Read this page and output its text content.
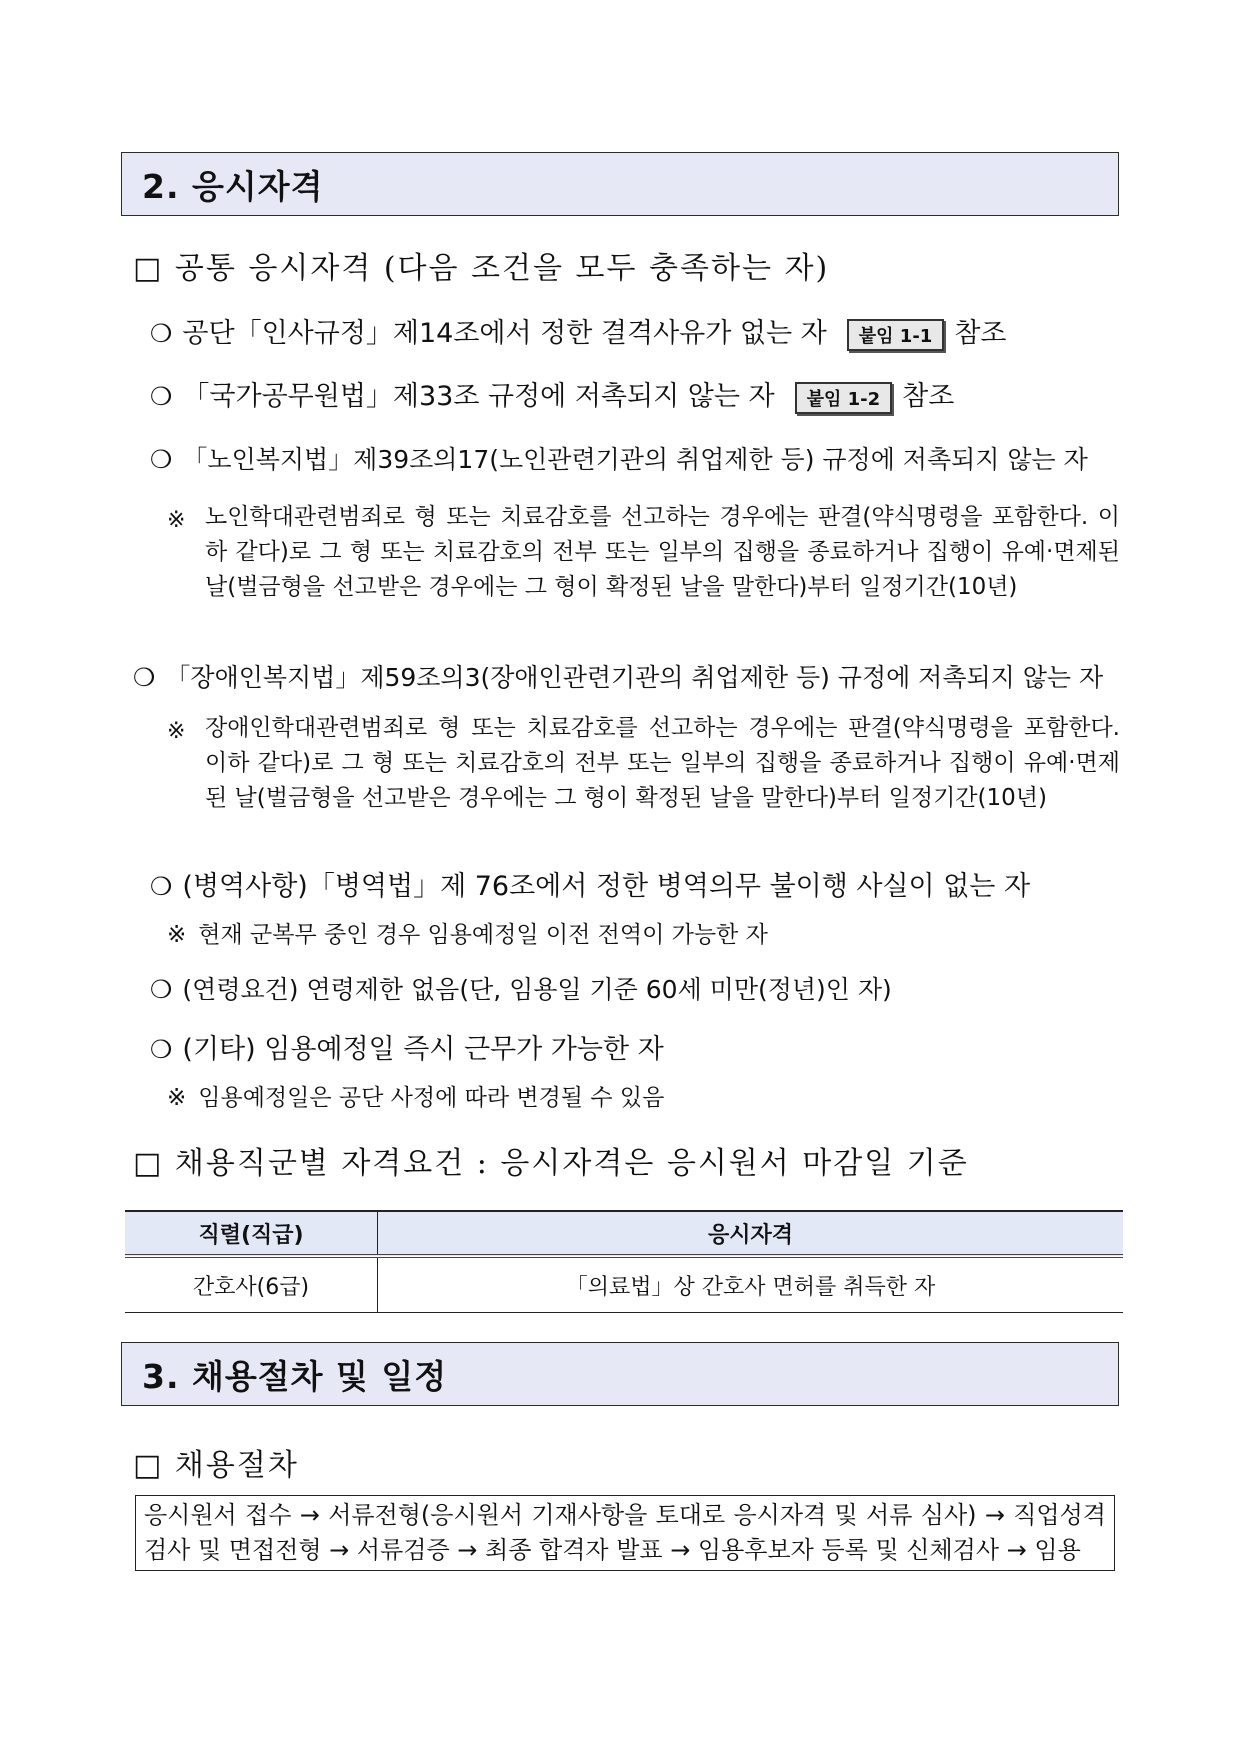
2. 응시자격
□ 공통 응시자격 (다음 조건을 모두 충족하는 자)
❍ 공단「인사규정」제14조에서 정한 결격사유가 없는 자 붙임 1-1 참조
❍ 「국가공무원법」제33조 규정에 저촉되지 않는 자 붙임 1-2 참조
❍ 「노인복지법」제39조의17(노인관련기관의 취업제한 등) 규정에 저촉되지 않는 자
※ 노인학대관련범죄로 형 또는 치료감호를 선고하는 경우에는 판결(약식명령을 포함한다. 이하 같다)로 그 형 또는 치료감호의 전부 또는 일부의 집행을 종료하거나 집행이 유예‧면제된 날(벌금형을 선고받은 경우에는 그 형이 확정된 날을 말한다)부터 일정기간(10년)
❍ 「장애인복지법」제59조의3(장애인관련기관의 취업제한 등) 규정에 저촉되지 않는 자
※ 장애인학대관련범죄로 형 또는 치료감호를 선고하는 경우에는 판결(약식명령을 포함한다. 이하 같다)로 그 형 또는 치료감호의 전부 또는 일부의 집행을 종료하거나 집행이 유예‧면제된 날(벌금형을 선고받은 경우에는 그 형이 확정된 날을 말한다)부터 일정기간(10년)
❍ (병역사항)「병역법」제 76조에서 정한 병역의무 불이행 사실이 없는 자
※ 현재 군복무 중인 경우 임용예정일 이전 전역이 가능한 자
❍ (연령요건) 연령제한 없음(단, 임용일 기준 60세 미만(정년)인 자)
❍ (기타) 임용예정일 즉시 근무가 가능한 자
※ 임용예정일은 공단 사정에 따라 변경될 수 있음
□ 채용직군별 자격요건 : 응시자격은 응시원서 마감일 기준
직렬(직급)	응시자격
간호사(6급)	「의료법」상 간호사 면허를 취득한 자
3. 채용절차 및 일정
□ 채용절차
응시원서 접수 → 서류전형(응시원서 기재사항을 토대로 응시자격 및 서류 심사) → 직업성격 검사 및 면접전형 → 서류검증 → 최종 합격자 발표 → 임용후보자 등록 및 신체검사 → 임용
